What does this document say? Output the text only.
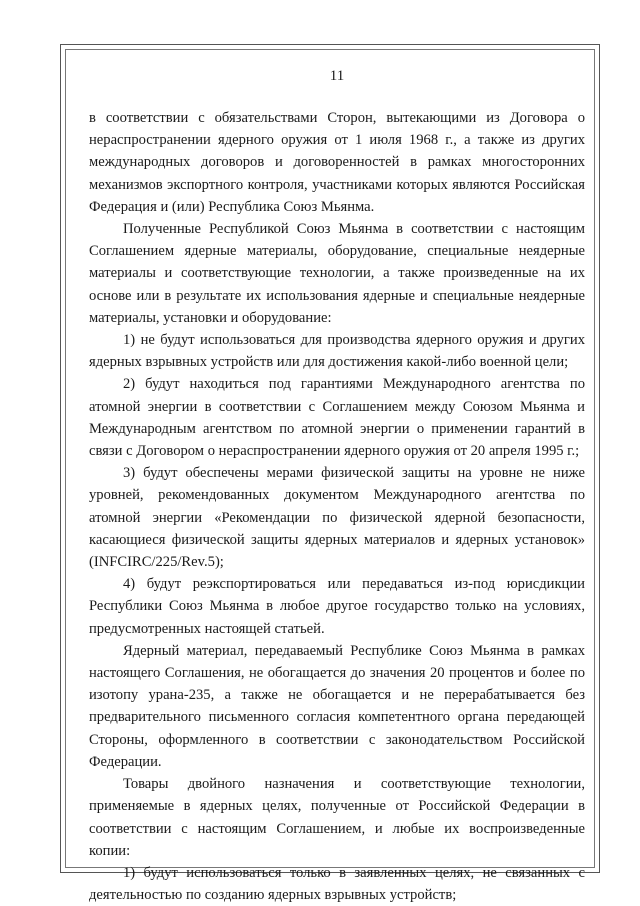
11

в соответствии с обязательствами Сторон, вытекающими из Договора о нераспространении ядерного оружия от 1 июля 1968 г., а также из других международных договоров и договоренностей в рамках многосторонних механизмов экспортного контроля, участниками которых являются Российская Федерация и (или) Республика Союз Мьянма.

Полученные Республикой Союз Мьянма в соответствии с настоящим Соглашением ядерные материалы, оборудование, специальные неядерные материалы и соответствующие технологии, а также произведенные на их основе или в результате их использования ядерные и специальные неядерные материалы, установки и оборудование:

1) не будут использоваться для производства ядерного оружия и других ядерных взрывных устройств или для достижения какой-либо военной цели;

2) будут находиться под гарантиями Международного агентства по атомной энергии в соответствии с Соглашением между Союзом Мьянма и Международным агентством по атомной энергии о применении гарантий в связи с Договором о нераспространении ядерного оружия от 20 апреля 1995 г.;

3) будут обеспечены мерами физической защиты на уровне не ниже уровней, рекомендованных документом Международного агентства по атомной энергии «Рекомендации по физической ядерной безопасности, касающиеся физической защиты ядерных материалов и ядерных установок» (INFCIRC/225/Rev.5);

4) будут реэкспортироваться или передаваться из-под юрисдикции Республики Союз Мьянма в любое другое государство только на условиях, предусмотренных настоящей статьей.

Ядерный материал, передаваемый Республике Союз Мьянма в рамках настоящего Соглашения, не обогащается до значения 20 процентов и более по изотопу урана-235, а также не обогащается и не перерабатывается без предварительного письменного согласия компетентного органа передающей Стороны, оформленного в соответствии с законодательством Российской Федерации.

Товары двойного назначения и соответствующие технологии, применяемые в ядерных целях, полученные от Российской Федерации в соответствии с настоящим Соглашением, и любые их воспроизведенные копии:

1) будут использоваться только в заявленных целях, не связанных с деятельностью по созданию ядерных взрывных устройств;
